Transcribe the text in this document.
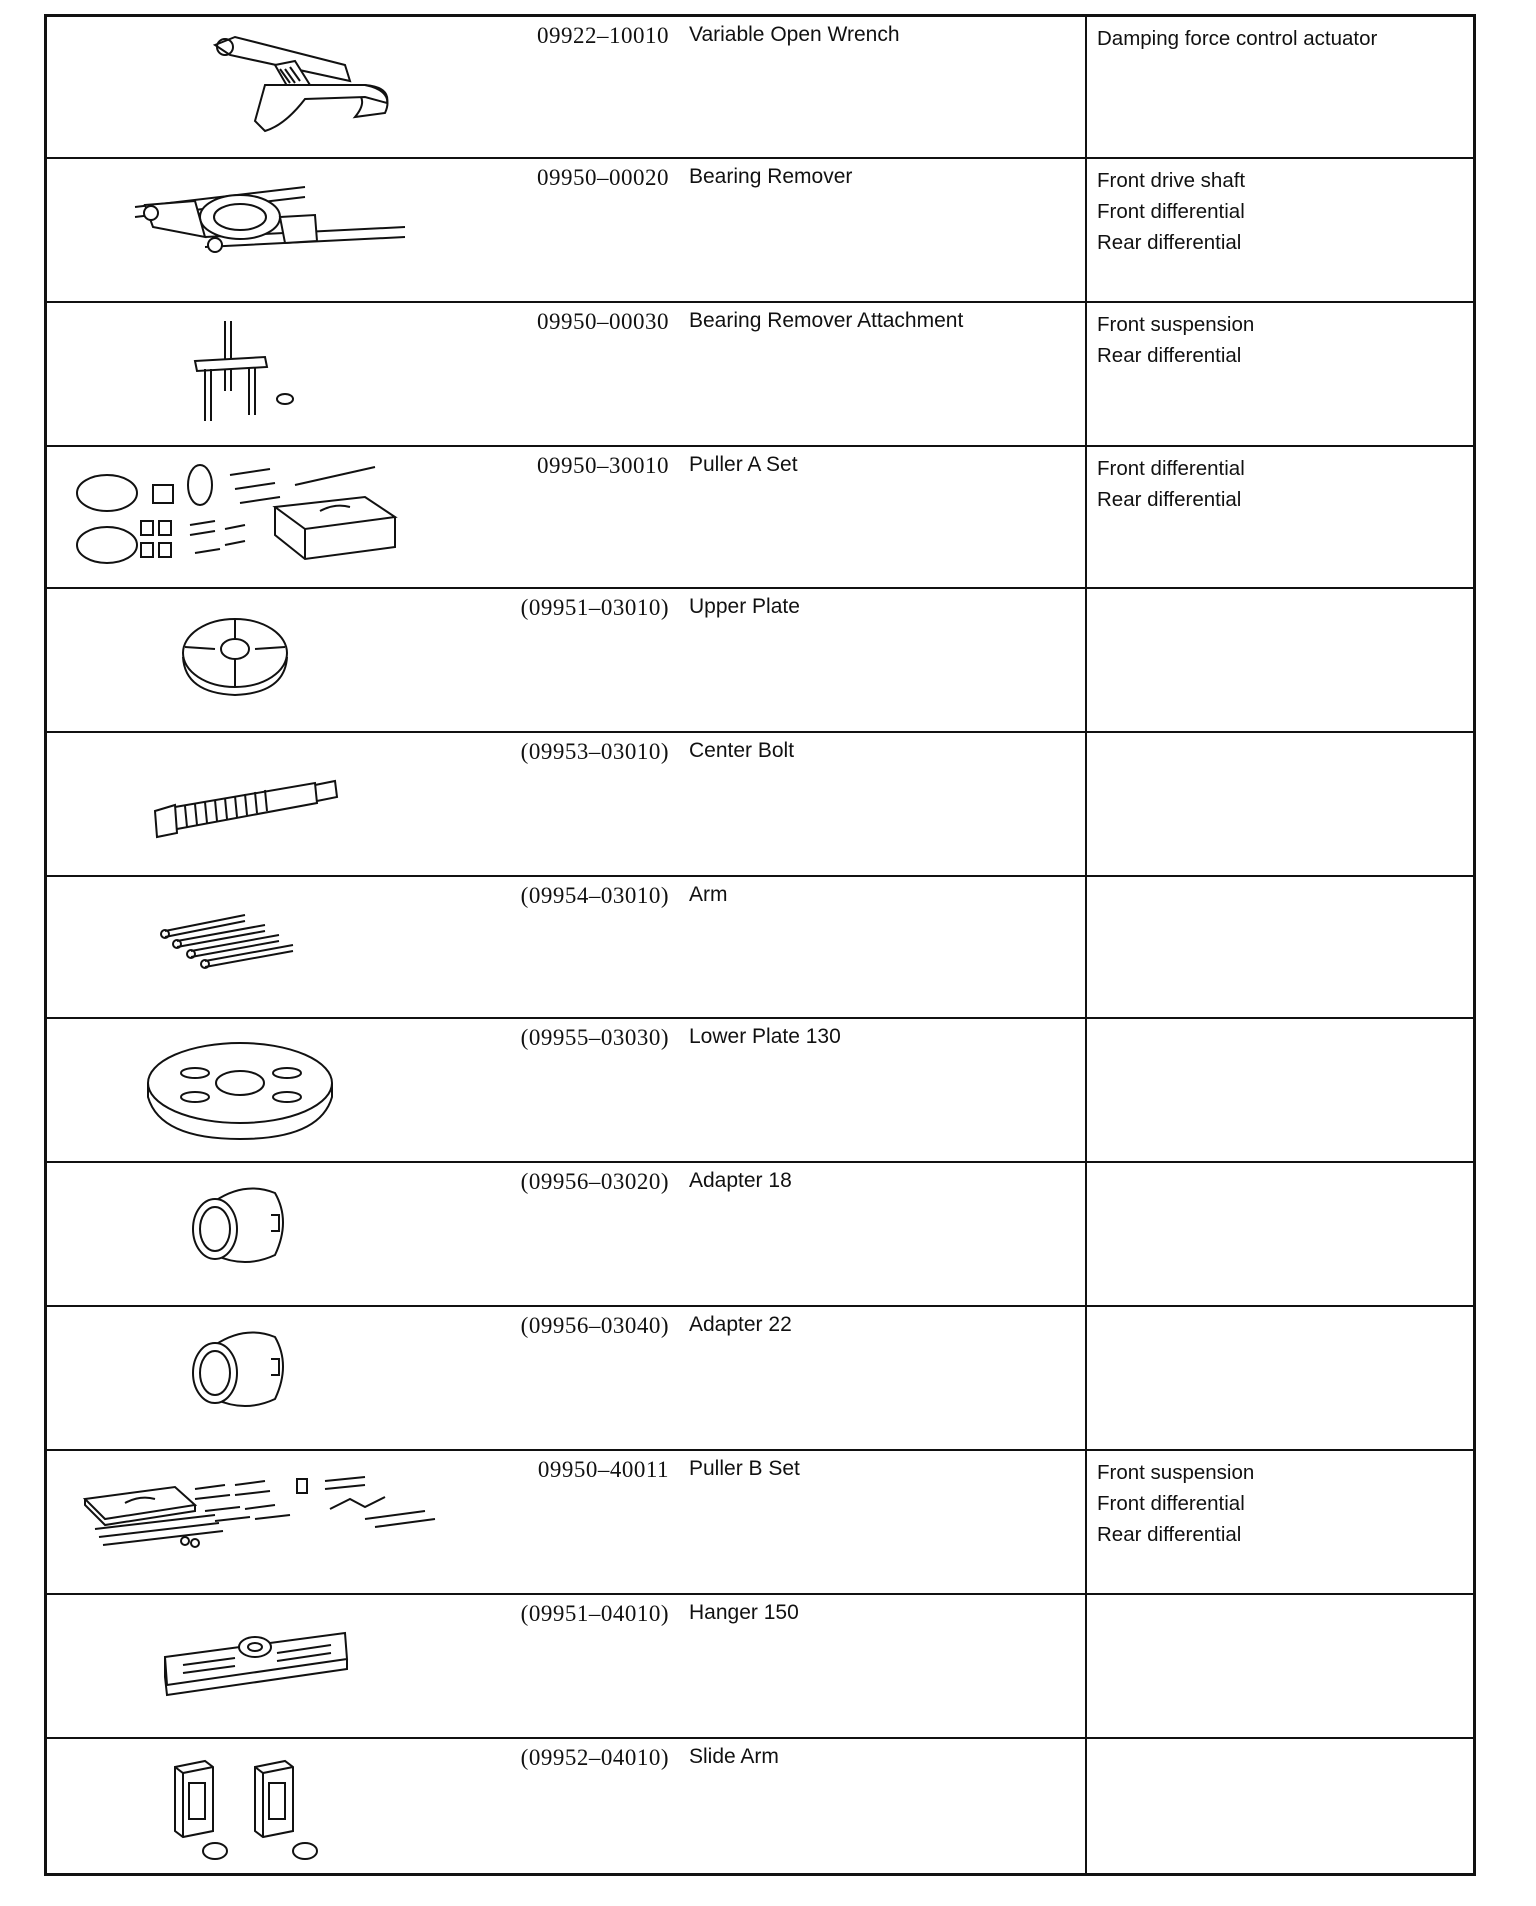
09922–10010 Variable Open Wrench	Damping force control actuator
09950–00020 Bearing Remover	Front drive shaft
Front differential
Rear differential
09950–00030 Bearing Remover Attachment	Front suspension
Rear differential
09950–30010 Puller A Set	Front differential
Rear differential
(09951–03010) Upper Plate
(09953–03010) Center Bolt
(09954–03010) Arm
(09955–03030) Lower Plate 130
(09956–03020) Adapter 18
(09956–03040) Adapter 22
09950–40011 Puller B Set	Front suspension
Front differential
Rear differential
(09951–04010) Hanger 150
(09952–04010) Slide Arm
